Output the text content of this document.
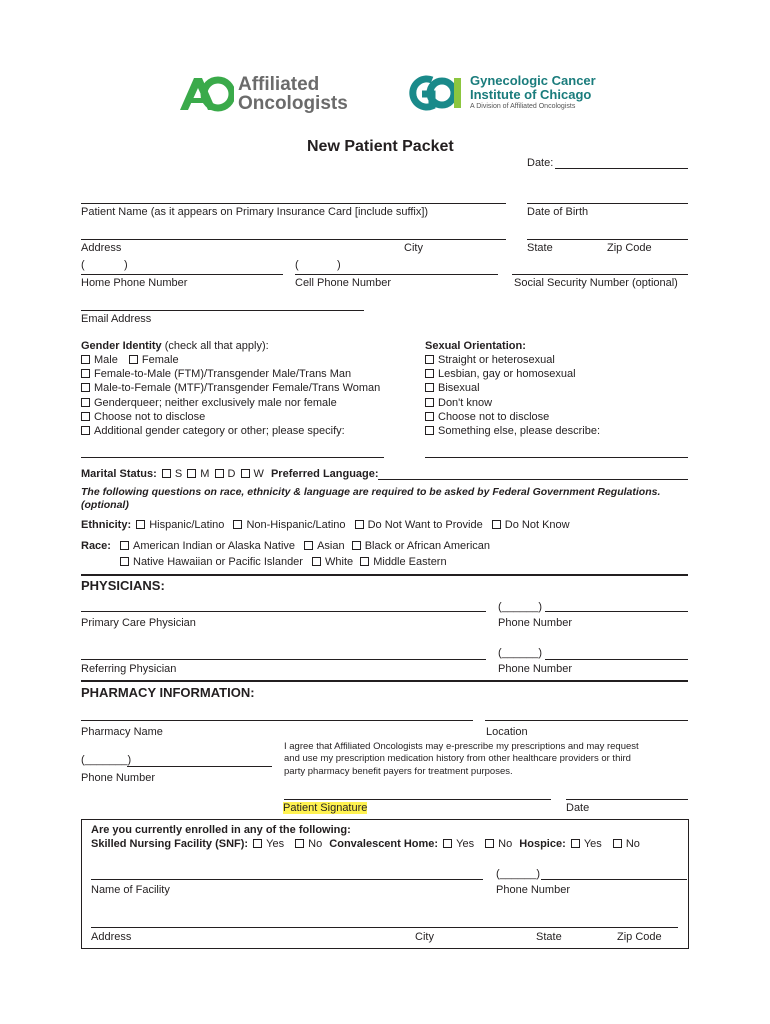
Affiliated
Oncologists
Gynecologic Cancer
Institute of Chicago
A Division of Affiliated Oncologists
New Patient Packet
Date:
Patient Name (as it appears on Primary Insurance Card [include suffix])	Date of Birth
Address	City	State	Zip Code
(	)	(	)
Home Phone Number	Cell Phone Number	Social Security Number (optional)
Email Address
Gender Identity (check all that apply):
Male Female
Female-to-Male (FTM)/Transgender Male/Trans Man
Male-to-Female (MTF)/Transgender Female/Trans Woman
Genderqueer; neither exclusively male nor female
Choose not to disclose
Additional gender category or other; please specify:
Sexual Orientation:
Straight or heterosexual
Lesbian, gay or homosexual
Bisexual
Don't know
Choose not to disclose
Something else, please describe:
Marital Status: S M D W Preferred Language:
The following questions on race, ethnicity & language are required to be asked by Federal Government Regulations.
(optional)
Ethnicity: Hispanic/Latino Non-Hispanic/Latino Do Not Want to Provide Do Not Know
Race:	American Indian or Alaska Native Asian Black or African American
Native Hawaiian or Pacific Islander White Middle Eastern
PHYSICIANS:
(______)
Primary Care Physician	Phone Number
(______)
Referring Physician	Phone Number
PHARMACY INFORMATION:
Pharmacy Name	Location
I agree that Affiliated Oncologists may e-prescribe my prescriptions and may request
and use my prescription medication history from other healthcare providers or third
party pharmacy benefit payers for treatment purposes.
(_______)
Phone Number
Patient Signature	Date
Are you currently enrolled in any of the following:
Skilled Nursing Facility (SNF): Yes No Convalescent Home: Yes No Hospice: Yes No
(______)
Name of Facility	Phone Number
Address	City	State	Zip Code
